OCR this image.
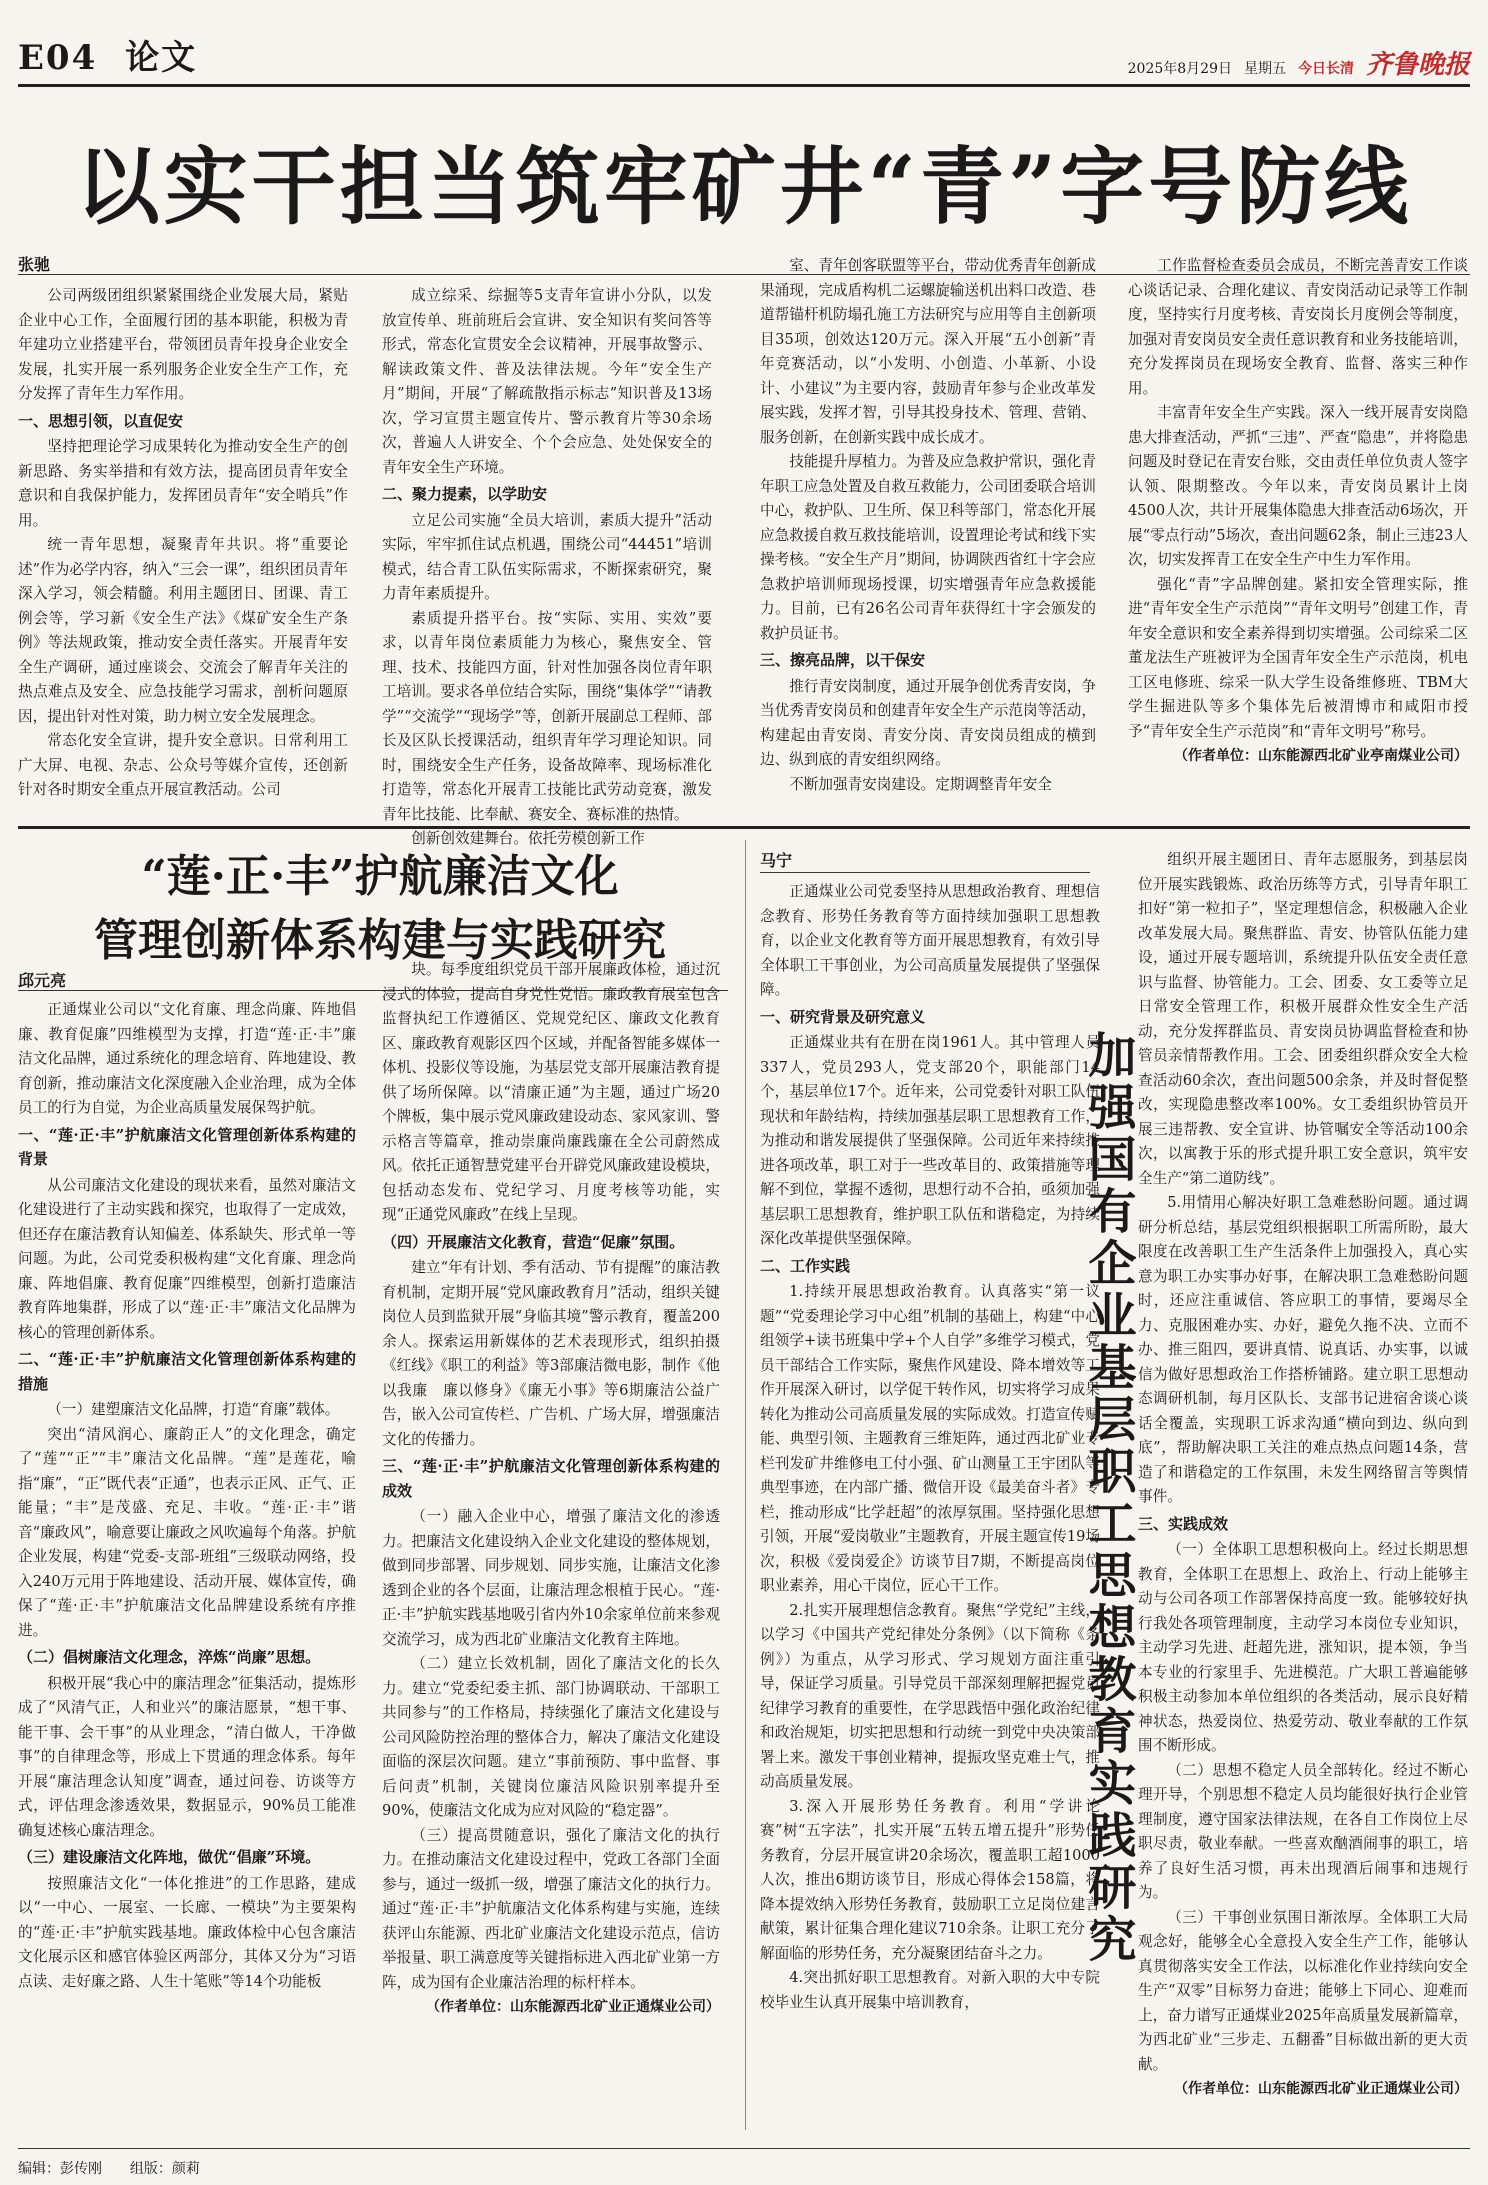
E04 论文	2025年8月29日 星期五 今日长清 齐鲁晚报
以实干担当筑牢矿井“青”字号防线
张驰

公司两级团组织紧紧围绕企业发展大局，紧贴企业中心工作，全面履行团的基本职能，积极为青年建功立业搭建平台，带领团员青年投身企业安全发展，扎实开展一系列服务企业安全生产工作，充分发挥了青年生力军作用。

一、思想引领，以直促安

坚持把理论学习成果转化为推动安全生产的创新思路、务实举措和有效方法，提高团员青年安全意识和自我保护能力，发挥团员青年“安全哨兵”作用。

统一青年思想，凝聚青年共识。将“重要论述”作为必学内容，纳入“三会一课”，组织团员青年深入学习，领会精髓。利用主题团日、团课、青工例会等，学习新《安全生产法》《煤矿安全生产条例》等法规政策，推动安全责任落实。开展青年安全生产调研，通过座谈会、交流会了解青年关注的热点难点及安全、应急技能学习需求，剖析问题原因，提出针对性对策，助力树立安全发展理念。

常态化安全宣讲，提升安全意识。日常利用工广大屏、电视、杂志、公众号等媒介宣传，还创新针对各时期安全重点开展宣教活动。公司

成立综采、综掘等5支青年宣讲小分队，以发放宣传单、班前班后会宣讲、安全知识有奖问答等形式，常态化宣贯安全会议精神，开展事故警示、解读政策文件、普及法律法规。今年“安全生产月”期间，开展“了解疏散指示标志”知识普及13场次，学习宣贯主题宣传片、警示教育片等30余场次，普遍人人讲安全、个个会应急、处处保安全的青年安全生产环境。

二、聚力提素，以学助安

立足公司实施“全员大培训，素质大提升”活动实际，牢牢抓住试点机遇，围绕公司“44451”培训模式，结合青工队伍实际需求，不断探索研究，聚力青年素质提升。

素质提升搭平台。按“实际、实用、实效”要求，以青年岗位素质能力为核心，聚焦安全、管理、技术、技能四方面，针对性加强各岗位青年职工培训。要求各单位结合实际，围绕“集体学”“请教学”“交流学”“现场学”等，创新开展副总工程师、部长及区队长授课活动，组织青年学习理论知识。同时，围绕安全生产任务，设备故障率、现场标准化打造等，常态化开展青工技能比武劳动竞赛，激发青年比技能、比奉献、赛安全、赛标准的热情。

创新创效建舞台。依托劳模创新工作

室、青年创客联盟等平台，带动优秀青年创新成果涌现，完成盾构机二运螺旋输送机出料口改造、巷道帮锚杆机防塌孔施工方法研究与应用等自主创新项目35项，创效达120万元。深入开展“五小创新”青年竞赛活动，以“小发明、小创造、小革新、小设计、小建议”为主要内容，鼓励青年参与企业改革发展实践，发挥才智，引导其投身技术、管理、营销、服务创新，在创新实践中成长成才。

技能提升厚植力。为普及应急救护常识，强化青年职工应急处置及自救互救能力，公司团委联合培训中心，救护队、卫生所、保卫科等部门，常态化开展应急救援自救互救技能培训，设置理论考试和线下实操考核。“安全生产月”期间，协调陕西省红十字会应急救护培训师现场授课，切实增强青年应急救援能力。目前，已有26名公司青年获得红十字会颁发的救护员证书。

三、擦亮品牌，以干保安

推行青安岗制度，通过开展争创优秀青安岗，争当优秀青安岗员和创建青年安全生产示范岗等活动，构建起由青安岗、青安分岗、青安岗员组成的横到边、纵到底的青安组织网络。

不断加强青安岗建设。定期调整青年安全

工作监督检查委员会成员，不断完善青安工作谈心谈话记录、合理化建议、青安岗活动记录等工作制度，坚持实行月度考核、青安岗长月度例会等制度，加强对青安岗员安全责任意识教育和业务技能培训，充分发挥岗员在现场安全教育、监督、落实三种作用。

丰富青年安全生产实践。深入一线开展青安岗隐患大排查活动，严抓“三违”、严查“隐患”，并将隐患问题及时登记在青安台账，交由责任单位负责人签字认领、限期整改。今年以来，青安岗员累计上岗4500人次，共计开展集体隐患大排查活动6场次，开展“零点行动”5场次，查出问题62条，制止三违23人次，切实发挥青工在安全生产中生力军作用。

强化“青”字品牌创建。紧扣安全管理实际，推进“青年安全生产示范岗”“青年文明号”创建工作，青年安全意识和安全素养得到切实增强。公司综采二区董龙法生产班被评为全国青年安全生产示范岗，机电工区电修班、综采一队大学生设备维修班、TBM大学生掘进队等多个集体先后被渭博市和咸阳市授予“青年安全生产示范岗”和“青年文明号”称号。

（作者单位：山东能源西北矿业亭南煤业公司）

“莲·正·丰”护航廉洁文化
管理创新体系构建与实践研究
邱元亮

正通煤业公司以“文化育廉、理念尚廉、阵地倡廉、教育促廉”四维模型为支撑，打造“莲·正·丰”廉洁文化品牌，通过系统化的理念培育、阵地建设、教育创新，推动廉洁文化深度融入企业治理，成为全体员工的行为自觉，为企业高质量发展保驾护航。

一、“莲·正·丰”护航廉洁文化管理创新体系构建的背景

从公司廉洁文化建设的现状来看，虽然对廉洁文化建设进行了主动实践和探究，也取得了一定成效，但还存在廉洁教育认知偏差、体系缺失、形式单一等问题。为此，公司党委积极构建“文化育廉、理念尚廉、阵地倡廉、教育促廉”四维模型，创新打造廉洁教育阵地集群，形成了以“莲·正·丰”廉洁文化品牌为核心的管理创新体系。

二、“莲·正·丰”护航廉洁文化管理创新体系构建的措施

（一）建塑廉洁文化品牌，打造“育廉”载体。

突出“清风润心、廉韵正人”的文化理念，确定了“莲”“正”“丰”廉洁文化品牌。“莲”是莲花，喻指“廉”，“正”既代表“正通”，也表示正风、正气、正能量；“丰”是茂盛、充足、丰收。“莲·正·丰”谐音“廉政风”，喻意要让廉政之风吹遍每个角落。护航企业发展，构建“党委-支部-班组”三级联动网络，投入240万元用于阵地建设、活动开展、媒体宣传，确保了“莲·正·丰”护航廉洁文化品牌建设系统有序推进。

（二）倡树廉洁文化理念，淬炼“尚廉”思想。

积极开展“我心中的廉洁理念”征集活动，提炼形成了“风清气正，人和业兴”的廉洁愿景，“想干事、能干事、会干事”的从业理念，“清白做人，干净做事”的自律理念等，形成上下贯通的理念体系。每年开展“廉洁理念认知度”调查，通过问卷、访谈等方式，评估理念渗透效果，数据显示，90%员工能准确复述核心廉洁理念。

（三）建设廉洁文化阵地，做优“倡廉”环境。

按照廉洁文化“一体化推进”的工作思路，建成以“一中心、一展室、一长廊、一模块”为主要架构的“莲·正·丰”护航实践基地。廉政体检中心包含廉洁文化展示区和感官体验区两部分，其体又分为“习语点读、走好廉之路、人生十笔账”等14个功能板

块。每季度组织党员干部开展廉政体检，通过沉浸式的体验，提高自身党性党悟。廉政教育展室包含监督执纪工作遵循区、党规党纪区、廉政文化教育区、廉政教育观影区四个区域，并配备智能多媒体一体机、投影仪等设施，为基层党支部开展廉洁教育提供了场所保障。以“清廉正通”为主题，通过广场20个牌板，集中展示党风廉政建设动态、家风家训、警示格言等篇章，推动崇廉尚廉践廉在全公司蔚然成风。依托正通智慧党建平台开辟党风廉政建设模块，包括动态发布、党纪学习、月度考核等功能，实现“正通党风廉政”在线上呈现。

（四）开展廉洁文化教育，营造“促廉”氛围。

建立“年有计划、季有活动、节有提醒”的廉洁教育机制，定期开展“党风廉政教育月”活动，组织关键岗位人员到监狱开展“身临其境”警示教育，覆盖200余人。探索运用新媒体的艺术表现形式，组织拍摄《红线》《职工的利益》等3部廉洁微电影，制作《他以我廉　廉以修身》《廉无小事》等6期廉洁公益广告，嵌入公司宣传栏、广告机、广场大屏，增强廉洁文化的传播力。

三、“莲·正·丰”护航廉洁文化管理创新体系构建的成效

（一）融入企业中心，增强了廉洁文化的渗透力。把廉洁文化建设纳入企业文化建设的整体规划，做到同步部署、同步规划、同步实施，让廉洁文化渗透到企业的各个层面，让廉洁理念根植于民心。“莲·正·丰”护航实践基地吸引省内外10余家单位前来参观交流学习，成为西北矿业廉洁文化教育主阵地。

（二）建立长效机制，固化了廉洁文化的长久力。建立“党委纪委主抓、部门协调联动、干部职工共同参与”的工作格局，持续强化了廉洁文化建设与公司风险防控治理的整体合力，解决了廉洁文化建设面临的深层次问题。建立“事前预防、事中监督、事后问责”机制，关键岗位廉洁风险识别率提升至90%，使廉洁文化成为应对风险的“稳定器”。

（三）提高贯随意识，强化了廉洁文化的执行力。在推动廉洁文化建设过程中，党政工各部门全面参与，通过一级抓一级，增强了廉洁文化的执行力。通过“莲·正·丰”护航廉洁文化体系构建与实施，连续获评山东能源、西北矿业廉洁文化建设示范点，信访举报量、职工满意度等关键指标进入西北矿业第一方阵，成为国有企业廉洁治理的标杆样本。

（作者单位：山东能源西北矿业正通煤业公司）

马宁

正通煤业公司党委坚持从思想政治教育、理想信念教育、形势任务教育等方面持续加强职工思想教育，以企业文化教育等方面开展思想教育，有效引导全体职工干事创业，为公司高质量发展提供了坚强保障。

一、研究背景及研究意义

正通煤业共有在册在岗1961人。其中管理人员337人，党员293人，党支部20个，职能部门14个，基层单位17个。近年来，公司党委针对职工队伍现状和年龄结构，持续加强基层职工思想教育工作，为推动和谐发展提供了坚强保障。公司近年来持续推进各项改革，职工对于一些改革目的、政策措施等理解不到位，掌握不透彻，思想行动不合拍，亟须加强基层职工思想教育，维护职工队伍和谐稳定，为持续深化改革提供坚强保障。

二、工作实践

1.持续开展思想政治教育。认真落实“第一议题”“党委理论学习中心组”机制的基础上，构建“中心组领学+读书班集中学+个人自学”多维学习模式，党员干部结合工作实际，聚焦作风建设、降本增效等工作开展深入研讨，以学促干转作风，切实将学习成果转化为推动公司高质量发展的实际成效。打造宣传赋能、典型引领、主题教育三维矩阵，通过西北矿业专栏刊发矿井维修电工付小强、矿山测量工王宇团队等典型事迹，在内部广播、微信开设《最美奋斗者》专栏，推动形成“比学赶超”的浓厚氛围。坚持强化思想引领，开展“爱岗敬业”主题教育，开展主题宣传19场次，积极《爱岗爱企》访谈节目7期，不断提高岗位职业素养，用心干岗位，匠心干工作。

2.扎实开展理想信念教育。聚焦“学党纪”主线，以学习《中国共产党纪律处分条例》（以下简称《条例》）为重点，从学习形式、学习规划方面注重引导，保证学习质量。引导党员干部深刻理解把握党员纪律学习教育的重要性，在学思践悟中强化政治纪律和政治规矩，切实把思想和行动统一到党中央决策部署上来。激发干事创业精神，提振攻坚克难士气，推动高质量发展。

3.深入开展形势任务教育。利用“学讲论赛”树“五字法”，扎实开展“五转五增五提升”形势任务教育，分层开展宣讲20余场次，覆盖职工超1000人次，推出6期访谈节目，形成心得体会158篇，将降本提效纳入形势任务教育，鼓励职工立足岗位建言献策，累计征集合理化建议710余条。让职工充分了解面临的形势任务，充分凝聚团结奋斗之力。

4.突出抓好职工思想教育。对新入职的大中专院校毕业生认真开展集中培训教育，

加强国有企业基层职工思想教育实践研究

组织开展主题团日、青年志愿服务，到基层岗位开展实践锻炼、政治历练等方式，引导青年职工扣好“第一粒扣子”，坚定理想信念，积极融入企业改革发展大局。聚焦群监、青安、协管队伍能力建设，通过开展专题培训，系统提升队伍安全责任意识与监督、协管能力。工会、团委、女工委等立足日常安全管理工作，积极开展群众性安全生产活动，充分发挥群监员、青安岗员协调监督检查和协管员亲情帮教作用。工会、团委组织群众安全大检查活动60余次，查出问题500余条，并及时督促整改，实现隐患整改率100%。女工委组织协管员开展三违帮教、安全宣讲、协管嘱安全等活动100余次，以寓教于乐的形式提升职工安全意识，筑牢安全生产“第二道防线”。

5.用情用心解决好职工急难愁盼问题。通过调研分析总结，基层党组织根据职工所需所盼，最大限度在改善职工生产生活条件上加强投入，真心实意为职工办实事办好事，在解决职工急难愁盼问题时，还应注重诚信、答应职工的事情，要竭尽全力、克服困难办实、办好，避免久拖不决、立而不办、推三阻四，要讲真情、说真话、办实事，以诚信为做好思想政治工作搭桥铺路。建立职工思想动态调研机制，每月区队长、支部书记进宿舍谈心谈话全覆盖，实现职工诉求沟通“横向到边、纵向到底”，帮助解决职工关注的难点热点问题14条，营造了和谐稳定的工作氛围，未发生网络留言等舆情事件。

三、实践成效

（一）全体职工思想积极向上。经过长期思想教育，全体职工在思想上、政治上、行动上能够主动与公司各项工作部署保持高度一致。能够较好执行我处各项管理制度，主动学习本岗位专业知识，主动学习先进、赶超先进，涨知识，提本领，争当本专业的行家里手、先进模范。广大职工普遍能够积极主动参加本单位组织的各类活动，展示良好精神状态，热爱岗位、热爱劳动、敬业奉献的工作氛围不断形成。

（二）思想不稳定人员全部转化。经过不断心理开导，个别思想不稳定人员均能很好执行企业管理制度，遵守国家法律法规，在各自工作岗位上尽职尽责，敬业奉献。一些喜欢酗酒闹事的职工，培养了良好生活习惯，再未出现酒后闹事和违规行为。

（三）干事创业氛围日渐浓厚。全体职工大局观念好，能够全心全意投入安全生产工作，能够认真贯彻落实安全工作法，以标准化作业持续向安全生产“双零”目标努力奋进；能够上下同心、迎难而上，奋力谱写正通煤业2025年高质量发展新篇章，为西北矿业“三步走、五翻番”目标做出新的更大贡献。

（作者单位：山东能源西北矿业正通煤业公司）

编辑：彭传刚 组版：颜莉
